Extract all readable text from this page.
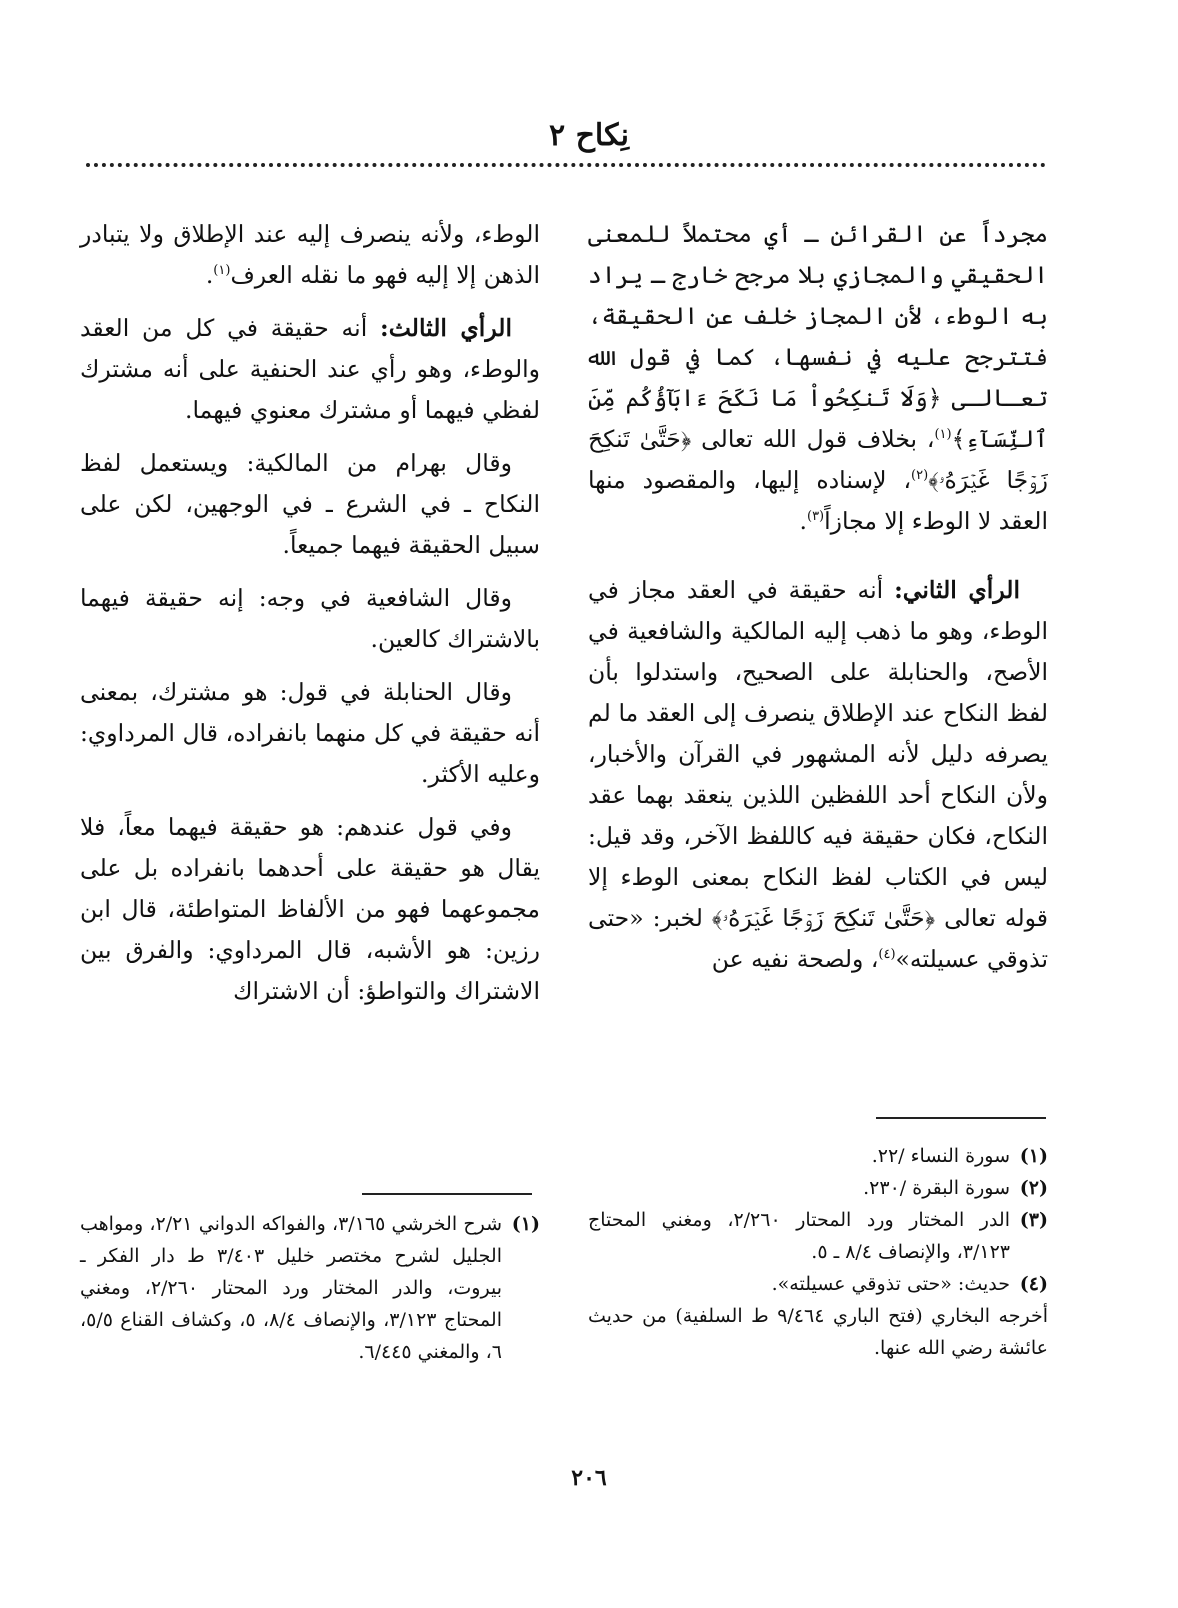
نِكاح ٢

مجرداً عن القرائن ـ أي محتملاً للمعنى الحقيقي والمجازي بلا مرجح خارج ـ يراد به الوطء، لأن المجاز خلف عن الحقيقة، فتترجح عليه في نفسها، كما في قول الله تعـالـى ﴿وَلَا تَنكِحُواْ مَا نَكَحَ ءَابَآؤُكُم مِّنَ ٱلنِّسَآءِ﴾$^{(١)}$، بخلاف قول الله تعالى ﴿حَتَّىٰ تَنكِحَ زَوۡجًا غَيۡرَهُۥ﴾$^{(٢)}$، لإسناده إليها، والمقصود منها العقد لا الوطء إلا مجازاً$^{(٣)}$.

الرأي الثاني: أنه حقيقة في العقد مجاز في الوطء، وهو ما ذهب إليه المالكية والشافعية في الأصح، والحنابلة على الصحيح، واستدلوا بأن لفظ النكاح عند الإطلاق ينصرف إلى العقد ما لم يصرفه دليل لأنه المشهور في القرآن والأخبار، ولأن النكاح أحد اللفظين اللذين ينعقد بهما عقد النكاح، فكان حقيقة فيه كاللفظ الآخر، وقد قيل: ليس في الكتاب لفظ النكاح بمعنى الوطء إلا قوله تعالى ﴿حَتَّىٰ تَنكِحَ زَوۡجًا غَيۡرَهُۥ﴾ لخبر: «حتى تذوقي عسيلته»$^{(٤)}$، ولصحة نفيه عن

الوطء، ولأنه ينصرف إليه عند الإطلاق ولا يتبادر الذهن إلا إليه فهو ما نقله العرف$^{(١)}$.

الرأي الثالث: أنه حقيقة في كل من العقد والوطء، وهو رأي عند الحنفية على أنه مشترك لفظي فيهما أو مشترك معنوي فيهما.

وقال بهرام من المالكية: ويستعمل لفظ النكاح ـ في الشرع ـ في الوجهين، لكن على سبيل الحقيقة فيهما جميعاً.

وقال الشافعية في وجه: إنه حقيقة فيهما بالاشتراك كالعين.

وقال الحنابلة في قول: هو مشترك، بمعنى أنه حقيقة في كل منهما بانفراده، قال المرداوي: وعليه الأكثر.

وفي قول عندهم: هو حقيقة فيهما معاً، فلا يقال هو حقيقة على أحدهما بانفراده بل على مجموعهما فهو من الألفاظ المتواطئة، قال ابن رزين: هو الأشبه، قال المرداوي: والفرق بين الاشتراك والتواطؤ: أن الاشتراك

(١)
سورة النساء /٢٢.

(٢)
سورة البقرة /٢٣٠.

(٣)
الدر المختار ورد المحتار ٢/٢٦٠، ومغني المحتاج ٣/١٢٣، والإنصاف ٨/٤ ـ ٥.

(٤)
حديث: «حتى تذوقي عسيلته».

أخرجه البخاري (فتح الباري ٩/٤٦٤ ط السلفية) من حديث عائشة رضي الله عنها.

(١)
شرح الخرشي ٣/١٦٥، والفواكه الدواني ٢/٢١، ومواهب الجليل لشرح مختصر خليل ٣/٤٠٣ ط دار الفكر ـ بيروت، والدر المختار ورد المحتار ٢/٢٦٠، ومغني المحتاج ٣/١٢٣، والإنصاف ٨/٤، ٥، وكشاف القناع ٥/٥، ٦، والمغني ٦/٤٤٥.

٢٠٦
